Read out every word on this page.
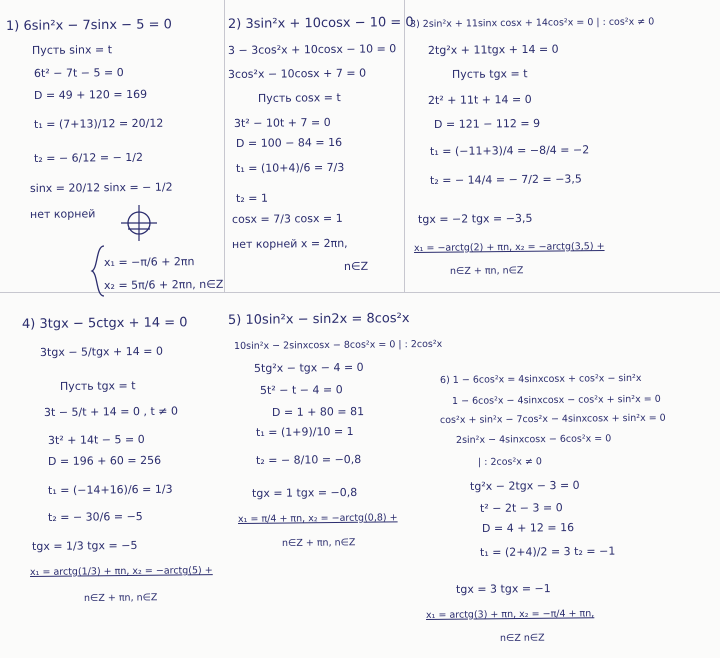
1) 6sin²x − 7sinx − 5 = 0
Пусть sinx = t
6t² − 7t − 5 = 0
D = 49 + 120 = 169
t₁ = (7+13)/12 = 20/12
t₂ = − 6/12 = − 1/2
sinx = 20/12 sinx = − 1/2
нет корней
x₁ = −π/6 + 2πn
x₂ = 5π/6 + 2πn, n∈Z
2) 3sin²x + 10cosx − 10 = 0
3 − 3cos²x + 10cosx − 10 = 0
3cos²x − 10cosx + 7 = 0
Пусть cosx = t
3t² − 10t + 7 = 0
D = 100 − 84 = 16
t₁ = (10+4)/6 = 7/3
t₂ = 1
cosx = 7/3 cosx = 1
нет корней x = 2πn,
n∈Z
3) 2sin²x + 11sinx cosx + 14cos²x = 0 | : cos²x ≠ 0
2tg²x + 11tgx + 14 = 0
Пусть tgx = t
2t² + 11t + 14 = 0
D = 121 − 112 = 9
t₁ = (−11+3)/4 = −8/4 = −2
t₂ = − 14/4 = − 7/2 = −3,5
tgx = −2 tgx = −3,5
x₁ = −arctg(2) + πn, x₂ = −arctg(3,5) +
n∈Z + πn, n∈Z
4) 3tgx − 5ctgx + 14 = 0
3tgx − 5/tgx + 14 = 0
Пусть tgx = t
3t − 5/t + 14 = 0 , t ≠ 0
3t² + 14t − 5 = 0
D = 196 + 60 = 256
t₁ = (−14+16)/6 = 1/3
t₂ = − 30/6 = −5
tgx = 1/3 tgx = −5
x₁ = arctg(1/3) + πn, x₂ = −arctg(5) +
n∈Z + πn, n∈Z
5) 10sin²x − sin2x = 8cos²x
10sin²x − 2sinxcosx − 8cos²x = 0 | : 2cos²x
5tg²x − tgx − 4 = 0
5t² − t − 4 = 0
D = 1 + 80 = 81
t₁ = (1+9)/10 = 1
t₂ = − 8/10 = −0,8
tgx = 1 tgx = −0,8
x₁ = π/4 + πn, x₂ = −arctg(0,8) +
n∈Z + πn, n∈Z
6) 1 − 6cos²x = 4sinxcosx + cos²x − sin²x
1 − 6cos²x − 4sinxcosx − cos²x + sin²x = 0
cos²x + sin²x − 7cos²x − 4sinxcosx + sin²x = 0
2sin²x − 4sinxcosx − 6cos²x = 0
| : 2cos²x ≠ 0
tg²x − 2tgx − 3 = 0
t² − 2t − 3 = 0
D = 4 + 12 = 16
t₁ = (2+4)/2 = 3 t₂ = −1
tgx = 3 tgx = −1
x₁ = arctg(3) + πn, x₂ = −π/4 + πn,
n∈Z n∈Z
